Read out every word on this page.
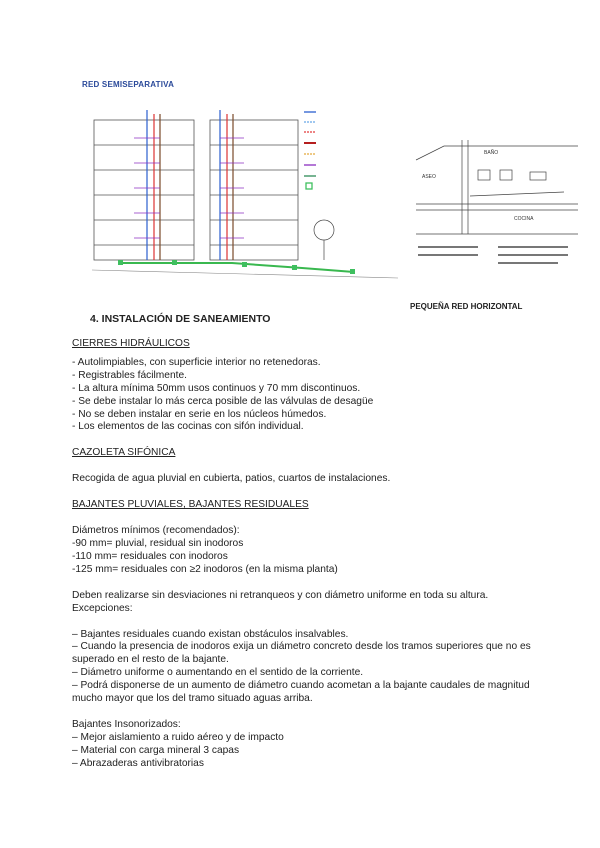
RED SEMISEPARATIVA
BAÑO
ASEO
COCINA
PEQUEÑA RED HORIZONTAL
4. INSTALACIÓN DE SANEAMIENTO

CIERRES HIDRÁULICOS

- Autolimpiables, con superficie interior no retenedoras.

- Registrables fácilmente.

- La altura mínima 50mm usos continuos y 70 mm discontinuos.

- Se debe instalar lo más cerca posible de las válvulas de desagüe

- No se deben instalar en serie en los núcleos húmedos.

- Los elementos de las cocinas con sifón individual.

CAZOLETA SIFÓNICA

Recogida de agua pluvial en cubierta, patios, cuartos de instalaciones.

BAJANTES PLUVIALES, BAJANTES RESIDUALES

Diámetros mínimos (recomendados):

-90 mm= pluvial, residual sin inodoros

-110 mm= residuales con inodoros

-125 mm= residuales con ≥2 inodoros (en la misma planta)

Deben realizarse sin desviaciones ni retranqueos y con diámetro uniforme en toda su altura.

Excepciones:

– Bajantes residuales cuando existan obstáculos insalvables.

– Cuando la presencia de inodoros exija un diámetro concreto desde los tramos superiores que no es superado en el resto de la bajante.

– Diámetro uniforme o aumentando en el sentido de la corriente.

– Podrá disponerse de un aumento de diámetro cuando acometan a la bajante caudales de magnitud mucho mayor que los del tramo situado aguas arriba.

Bajantes Insonorizados:

– Mejor aislamiento a ruido aéreo y de impacto

– Material con carga mineral 3 capas

– Abrazaderas antivibratorias
